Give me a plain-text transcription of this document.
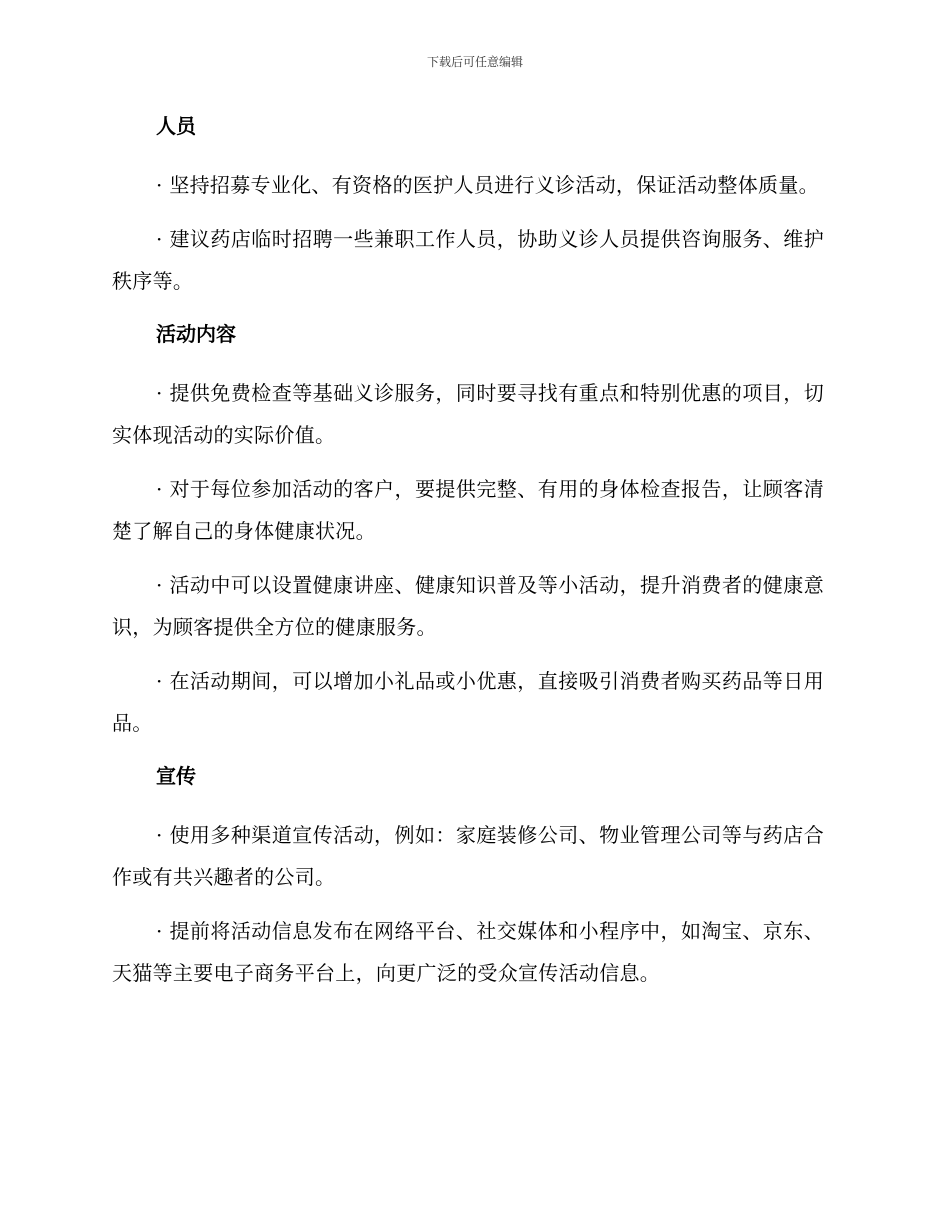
下载后可任意编辑
人员

· 坚持招募专业化、有资格的医护人员进行义诊活动，保证活动整体质量。

· 建议药店临时招聘一些兼职工作人员，协助义诊人员提供咨询服务、维护秩序等。

活动内容

· 提供免费检查等基础义诊服务，同时要寻找有重点和特别优惠的项目，切实体现活动的实际价值。

· 对于每位参加活动的客户，要提供完整、有用的身体检查报告，让顾客清楚了解自己的身体健康状况。

· 活动中可以设置健康讲座、健康知识普及等小活动，提升消费者的健康意识，为顾客提供全方位的健康服务。

· 在活动期间，可以增加小礼品或小优惠，直接吸引消费者购买药品等日用品。

宣传

· 使用多种渠道宣传活动，例如：家庭装修公司、物业管理公司等与药店合作或有共兴趣者的公司。

· 提前将活动信息发布在网络平台、社交媒体和小程序中，如淘宝、京东、天猫等主要电子商务平台上，向更广泛的受众宣传活动信息。
